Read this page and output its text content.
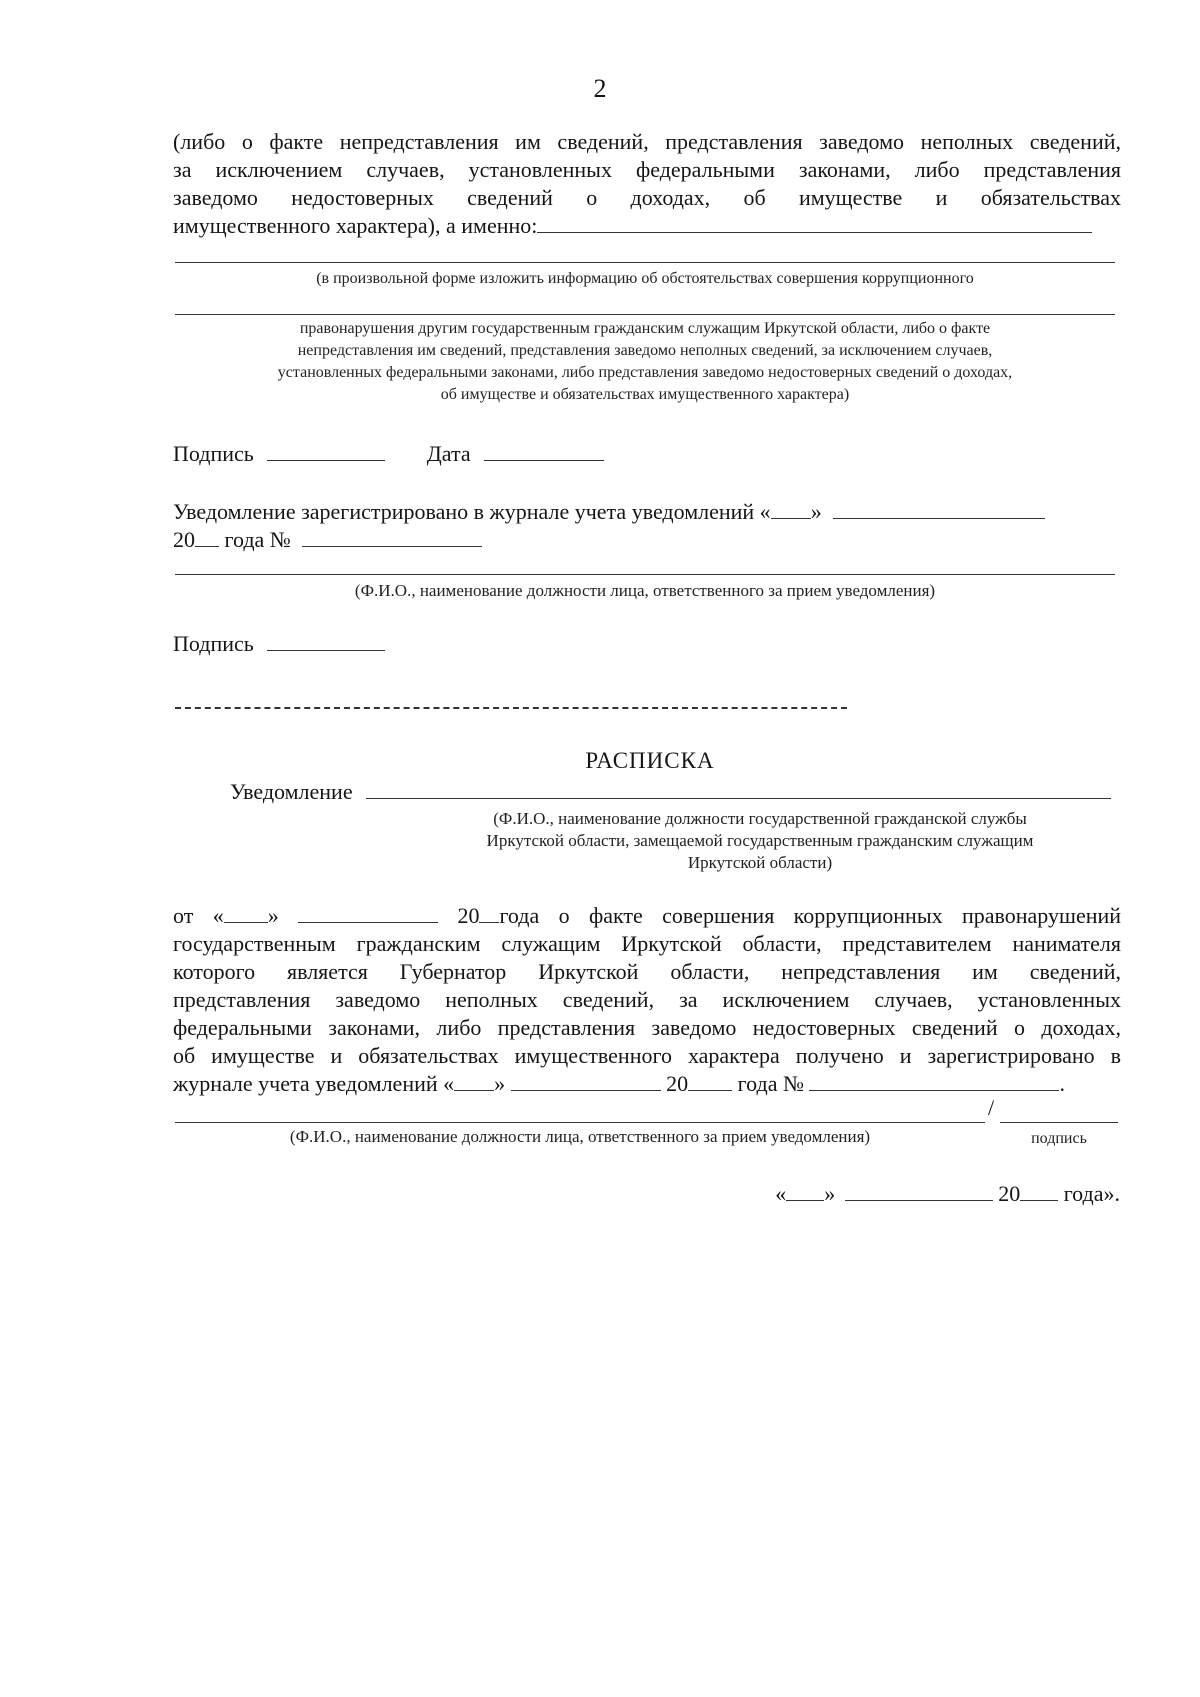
2
(либо о факте непредставления им сведений, представления заведомо неполных сведений,
за исключением случаев, установленных федеральными законами, либо представления
заведомо недостоверных сведений о доходах, об имуществе и обязательствах
имущественного характера), а именно:
(в произвольной форме изложить информацию об обстоятельствах совершения коррупционного
правонарушения другим государственным гражданским служащим Иркутской области, либо о факте
непредставления им сведений, представления заведомо неполных сведений, за исключением случаев,
установленных федеральными законами, либо представления заведомо недостоверных сведений о доходах,
об имуществе и обязательствах имущественного характера)
Подпись	Дата
Уведомление зарегистрировано в журнале учета уведомлений « »
20 года №
(Ф.И.О., наименование должности лица, ответственного за прием уведомления)
Подпись
РАСПИСКА
Уведомление
(Ф.И.О., наименование должности государственной гражданской службы
Иркутской области, замещаемой государственным гражданским служащим
Иркутской области)
от « »	20 года о факте совершения коррупционных правонарушений
государственным гражданским служащим Иркутской области, представителем нанимателя
которого является Губернатор Иркутской области, непредставления им сведений,
представления заведомо неполных сведений, за исключением случаев, установленных
федеральными законами, либо представления заведомо недостоверных сведений о доходах,
об имуществе и обязательствах имущественного характера получено и зарегистрировано в
журнале учета уведомлений « »	20 года №	.
/
(Ф.И.О., наименование должности лица, ответственного за прием уведомления)	подпись
« »	20 года».
